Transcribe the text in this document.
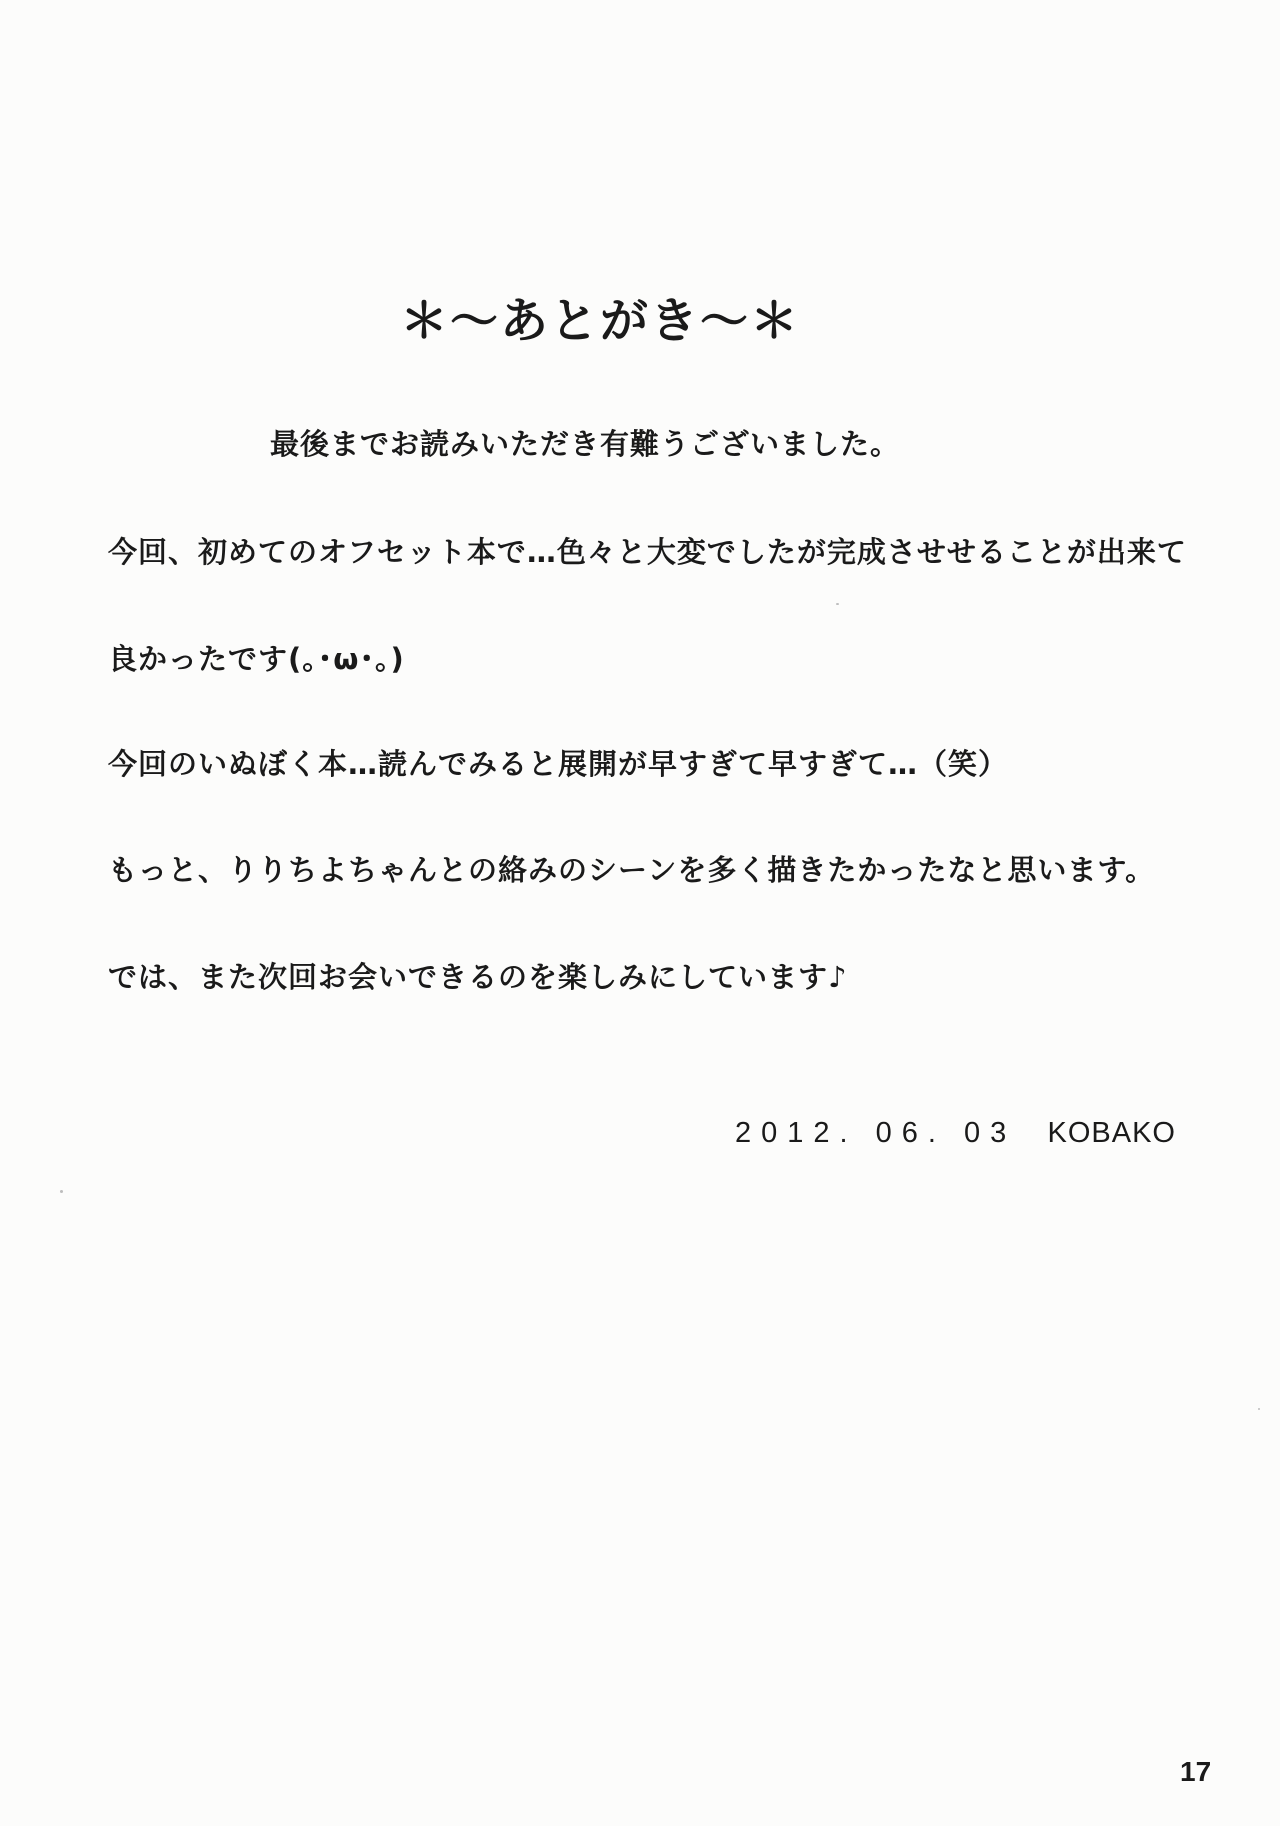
＊～あとがき～＊
最後までお読みいただき有難うございました。
今回、初めてのオフセット本で…色々と大変でしたが完成させせることが出来て
良かったです(｡･ω･｡)
今回のいぬぼく本…読んでみると展開が早すぎて早すぎて…（笑）
もっと、りりちよちゃんとの絡みのシーンを多く描きたかったなと思います。
では、また次回お会いできるのを楽しみにしています♪
2012. 06. 03 KOBAKO
17
